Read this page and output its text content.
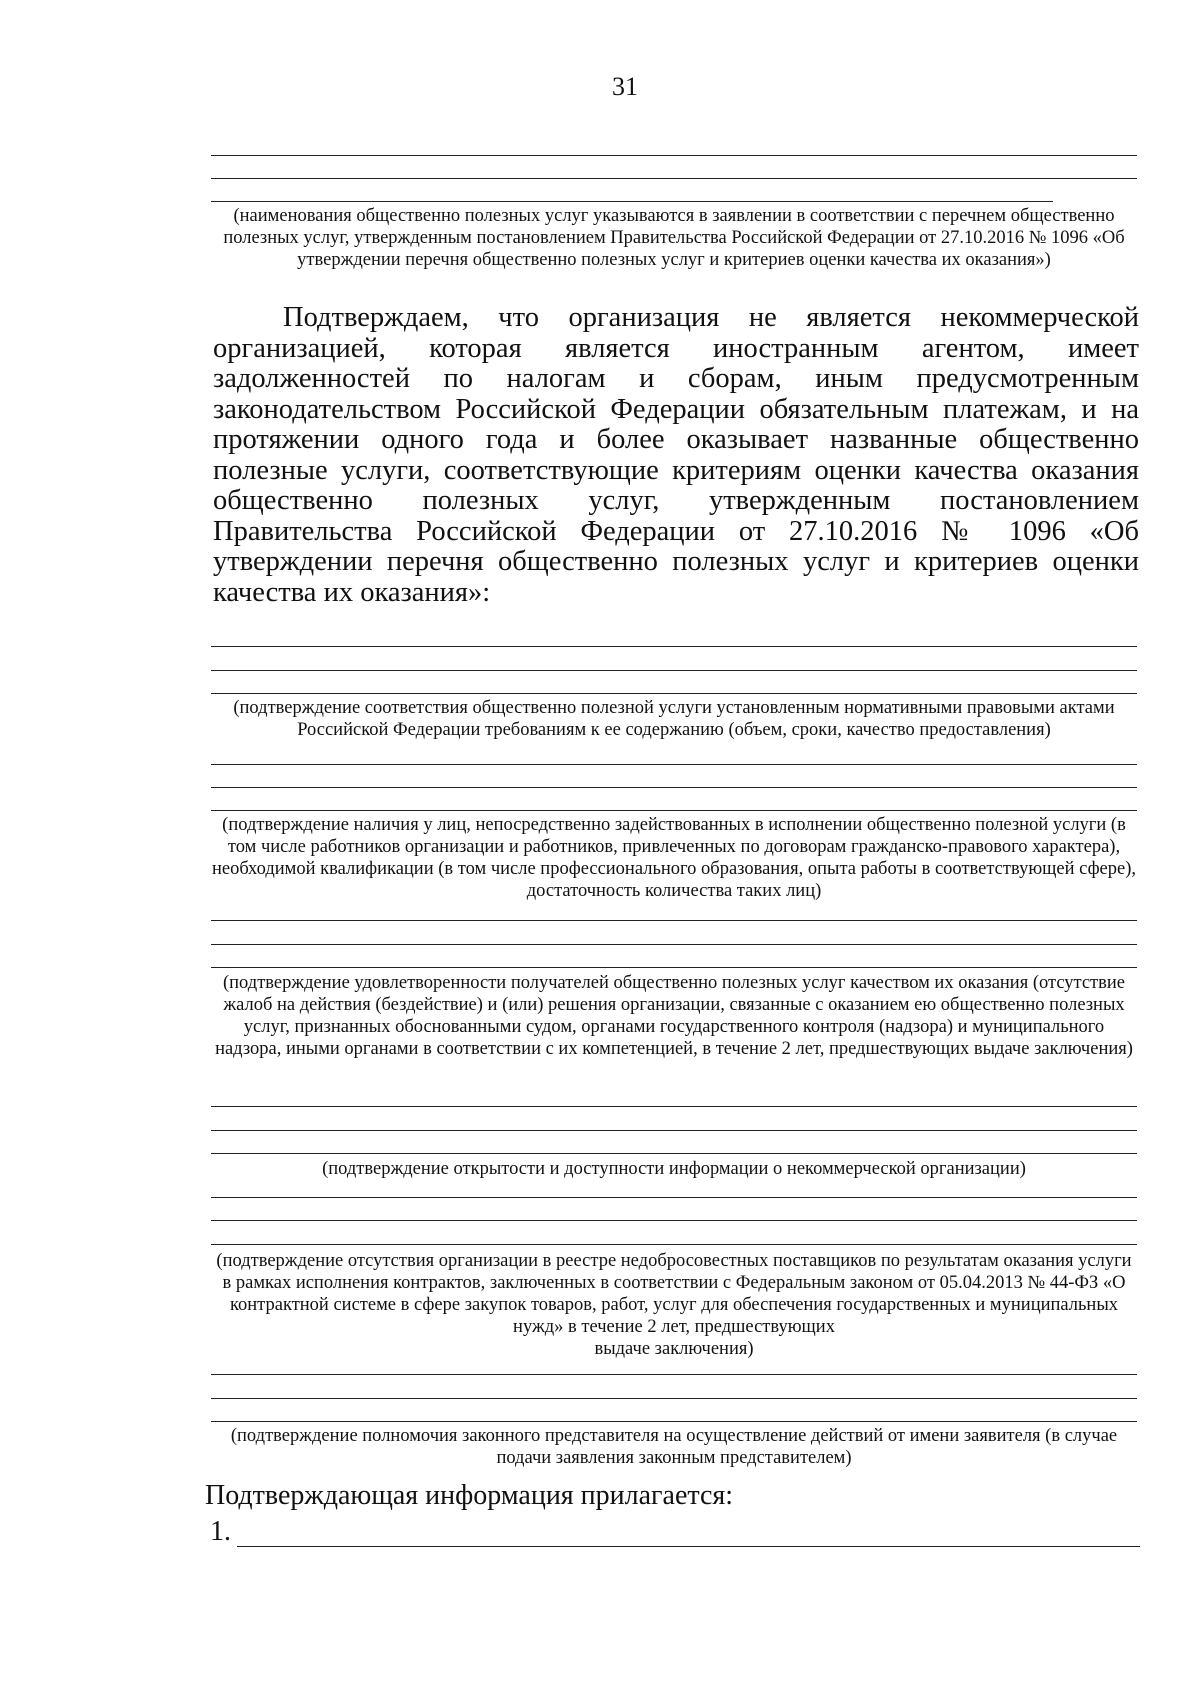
31
(наименования общественно полезных услуг указываются в заявлении в соответствии с перечнем общественно полезных услуг, утвержденным постановлением Правительства Российской Федерации от 27.10.2016 № 1096 «Об утверждении перечня общественно полезных услуг и критериев оценки качества их оказания»)
Подтверждаем, что организация не является некоммерческой организацией, которая является иностранным агентом, имеет задолженностей по налогам и сборам, иным предусмотренным законодательством Российской Федерации обязательным платежам, и на протяжении одного года и более оказывает названные общественно полезные услуги, соответствующие критериям оценки качества оказания общественно полезных услуг, утвержденным постановлением Правительства Российской Федерации от 27.10.2016 № 1096 «Об утверждении перечня общественно полезных услуг и критериев оценки качества их оказания»:
(подтверждение соответствия общественно полезной услуги установленным нормативными правовыми актами Российской Федерации требованиям к ее содержанию (объем, сроки, качество предоставления)
(подтверждение наличия у лиц, непосредственно задействованных в исполнении общественно полезной услуги (в том числе работников организации и работников, привлеченных по договорам гражданско-правового характера), необходимой квалификации (в том числе профессионального образования, опыта работы в соответствующей сфере), достаточность количества таких лиц)
(подтверждение удовлетворенности получателей общественно полезных услуг качеством их оказания (отсутствие жалоб на действия (бездействие) и (или) решения организации, связанные с оказанием ею общественно полезных услуг, признанных обоснованными судом, органами государственного контроля (надзора) и муниципального надзора, иными органами в соответствии с их компетенцией, в течение 2 лет, предшествующих выдаче заключения)
(подтверждение открытости и доступности информации о некоммерческой организации)
(подтверждение отсутствия организации в реестре недобросовестных поставщиков по результатам оказания услуги в рамках исполнения контрактов, заключенных в соответствии с Федеральным законом от 05.04.2013 № 44-ФЗ «О контрактной системе в сфере закупок товаров, работ, услуг для обеспечения государственных и муниципальных нужд» в течение 2 лет, предшествующих
выдаче заключения)
(подтверждение полномочия законного представителя на осуществление действий от имени заявителя (в случае подачи заявления законным представителем)
Подтверждающая информация прилагается:
1.
